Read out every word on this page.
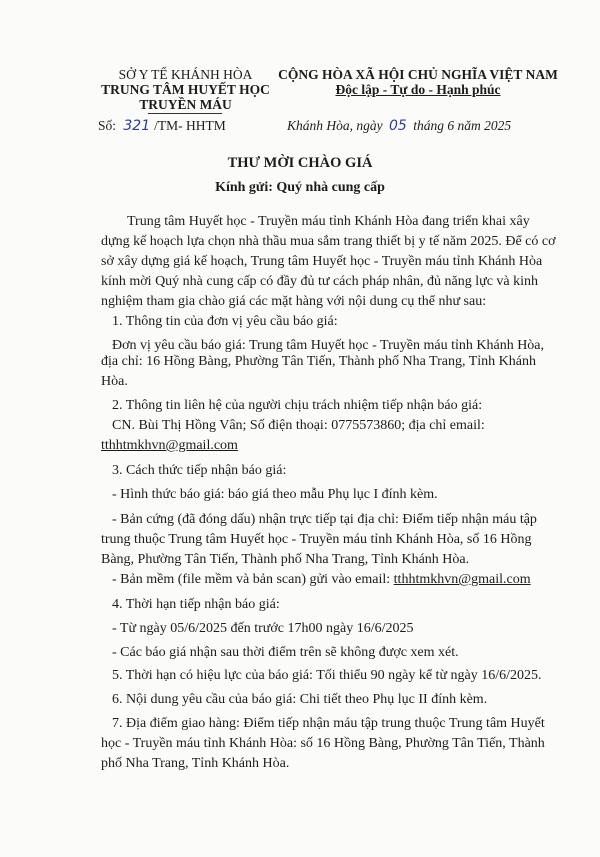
SỞ Y TẾ KHÁNH HÒA
TRUNG TÂM HUYẾT HỌC
TRUYỀN MÁU
Số: 321 /TM- HHTM
CỘNG HÒA XÃ HỘI CHỦ NGHĨA VIỆT NAM
Độc lập - Tự do - Hạnh phúc
Khánh Hòa, ngày 05 tháng 6 năm 2025
THƯ MỜI CHÀO GIÁ
Kính gửi: Quý nhà cung cấp
Trung tâm Huyết học - Truyền máu tỉnh Khánh Hòa đang triển khai xây
dựng kế hoạch lựa chọn nhà thầu mua sắm trang thiết bị y tế năm 2025. Để có cơ
sở xây dựng giá kế hoạch, Trung tâm Huyết học - Truyền máu tỉnh Khánh Hòa
kính mời Quý nhà cung cấp có đầy đủ tư cách pháp nhân, đủ năng lực và kinh
nghiệm tham gia chào giá các mặt hàng với nội dung cụ thể như sau:
1. Thông tin của đơn vị yêu cầu báo giá:
Đơn vị yêu cầu báo giá: Trung tâm Huyết học - Truyền máu tỉnh Khánh Hòa,
địa chỉ: 16 Hồng Bàng, Phường Tân Tiến, Thành phố Nha Trang, Tỉnh Khánh
Hòa.
2. Thông tin liên hệ của người chịu trách nhiệm tiếp nhận báo giá:
CN. Bùi Thị Hồng Vân; Số điện thoại: 0775573860; địa chỉ email:
tthhtmkhvn@gmail.com
3. Cách thức tiếp nhận báo giá:
- Hình thức báo giá: báo giá theo mẫu Phụ lục I đính kèm.
- Bản cứng (đã đóng dấu) nhận trực tiếp tại địa chỉ: Điểm tiếp nhận máu tập
trung thuộc Trung tâm Huyết học - Truyền máu tỉnh Khánh Hòa, số 16 Hồng
Bàng, Phường Tân Tiến, Thành phố Nha Trang, Tỉnh Khánh Hòa.
- Bản mềm (file mềm và bản scan) gửi vào email: tthhtmkhvn@gmail.com
4. Thời hạn tiếp nhận báo giá:
- Từ ngày 05/6/2025 đến trước 17h00 ngày 16/6/2025
- Các báo giá nhận sau thời điểm trên sẽ không được xem xét.
5. Thời hạn có hiệu lực của báo giá: Tối thiểu 90 ngày kể từ ngày 16/6/2025.
6. Nội dung yêu cầu của báo giá: Chi tiết theo Phụ lục II đính kèm.
7. Địa điểm giao hàng: Điểm tiếp nhận máu tập trung thuộc Trung tâm Huyết
học - Truyền máu tỉnh Khánh Hòa: số 16 Hồng Bàng, Phường Tân Tiến, Thành
phố Nha Trang, Tỉnh Khánh Hòa.
